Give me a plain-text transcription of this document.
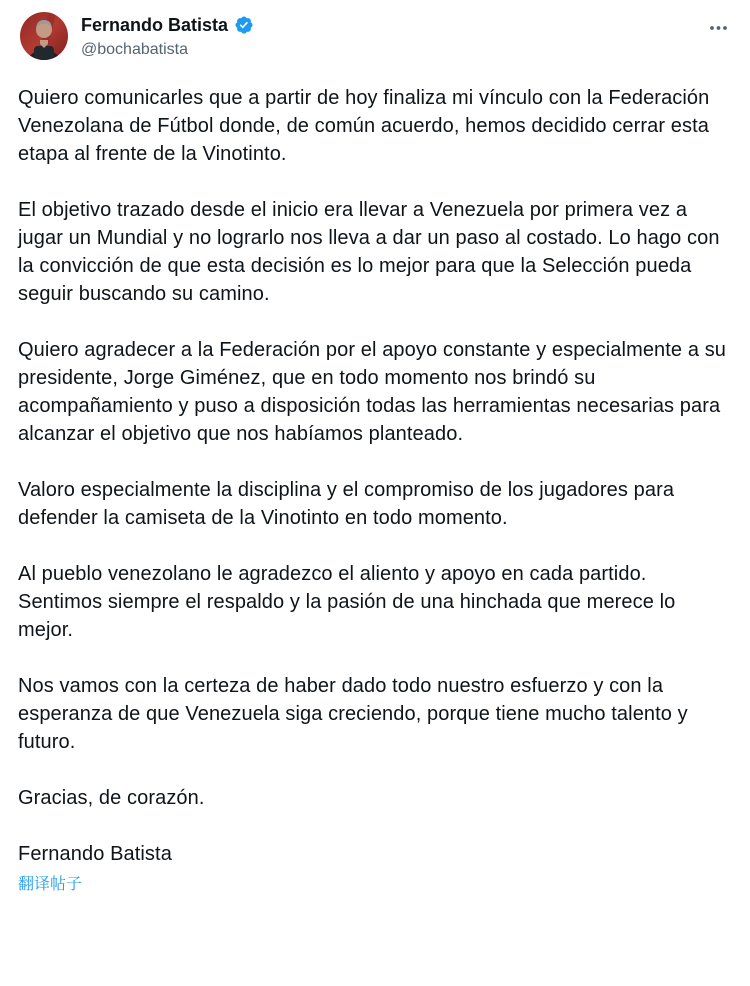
Fernando Batista
@bochabatista

Quiero comunicarles que a partir de hoy finaliza mi vínculo con la Federación Venezolana de Fútbol donde, de común acuerdo, hemos decidido cerrar esta etapa al frente de la Vinotinto.

El objetivo trazado desde el inicio era llevar a Venezuela por primera vez a jugar un Mundial y no lograrlo nos lleva a dar un paso al costado. Lo hago con la convicción de que esta decisión es lo mejor para que la Selección pueda seguir buscando su camino.

Quiero agradecer a la Federación por el apoyo constante y especialmente a su presidente, Jorge Giménez, que en todo momento nos brindó su acompañamiento y puso a disposición todas las herramientas necesarias para alcanzar el objetivo que nos habíamos planteado.

Valoro especialmente la disciplina y el compromiso de los jugadores para defender la camiseta de la Vinotinto en todo momento.

Al pueblo venezolano le agradezco el aliento y apoyo en cada partido. Sentimos siempre el respaldo y la pasión de una hinchada que merece lo mejor.

Nos vamos con la certeza de haber dado todo nuestro esfuerzo y con la esperanza de que Venezuela siga creciendo, porque tiene mucho talento y futuro.

Gracias, de corazón.

Fernando Batista

翻译帖子
